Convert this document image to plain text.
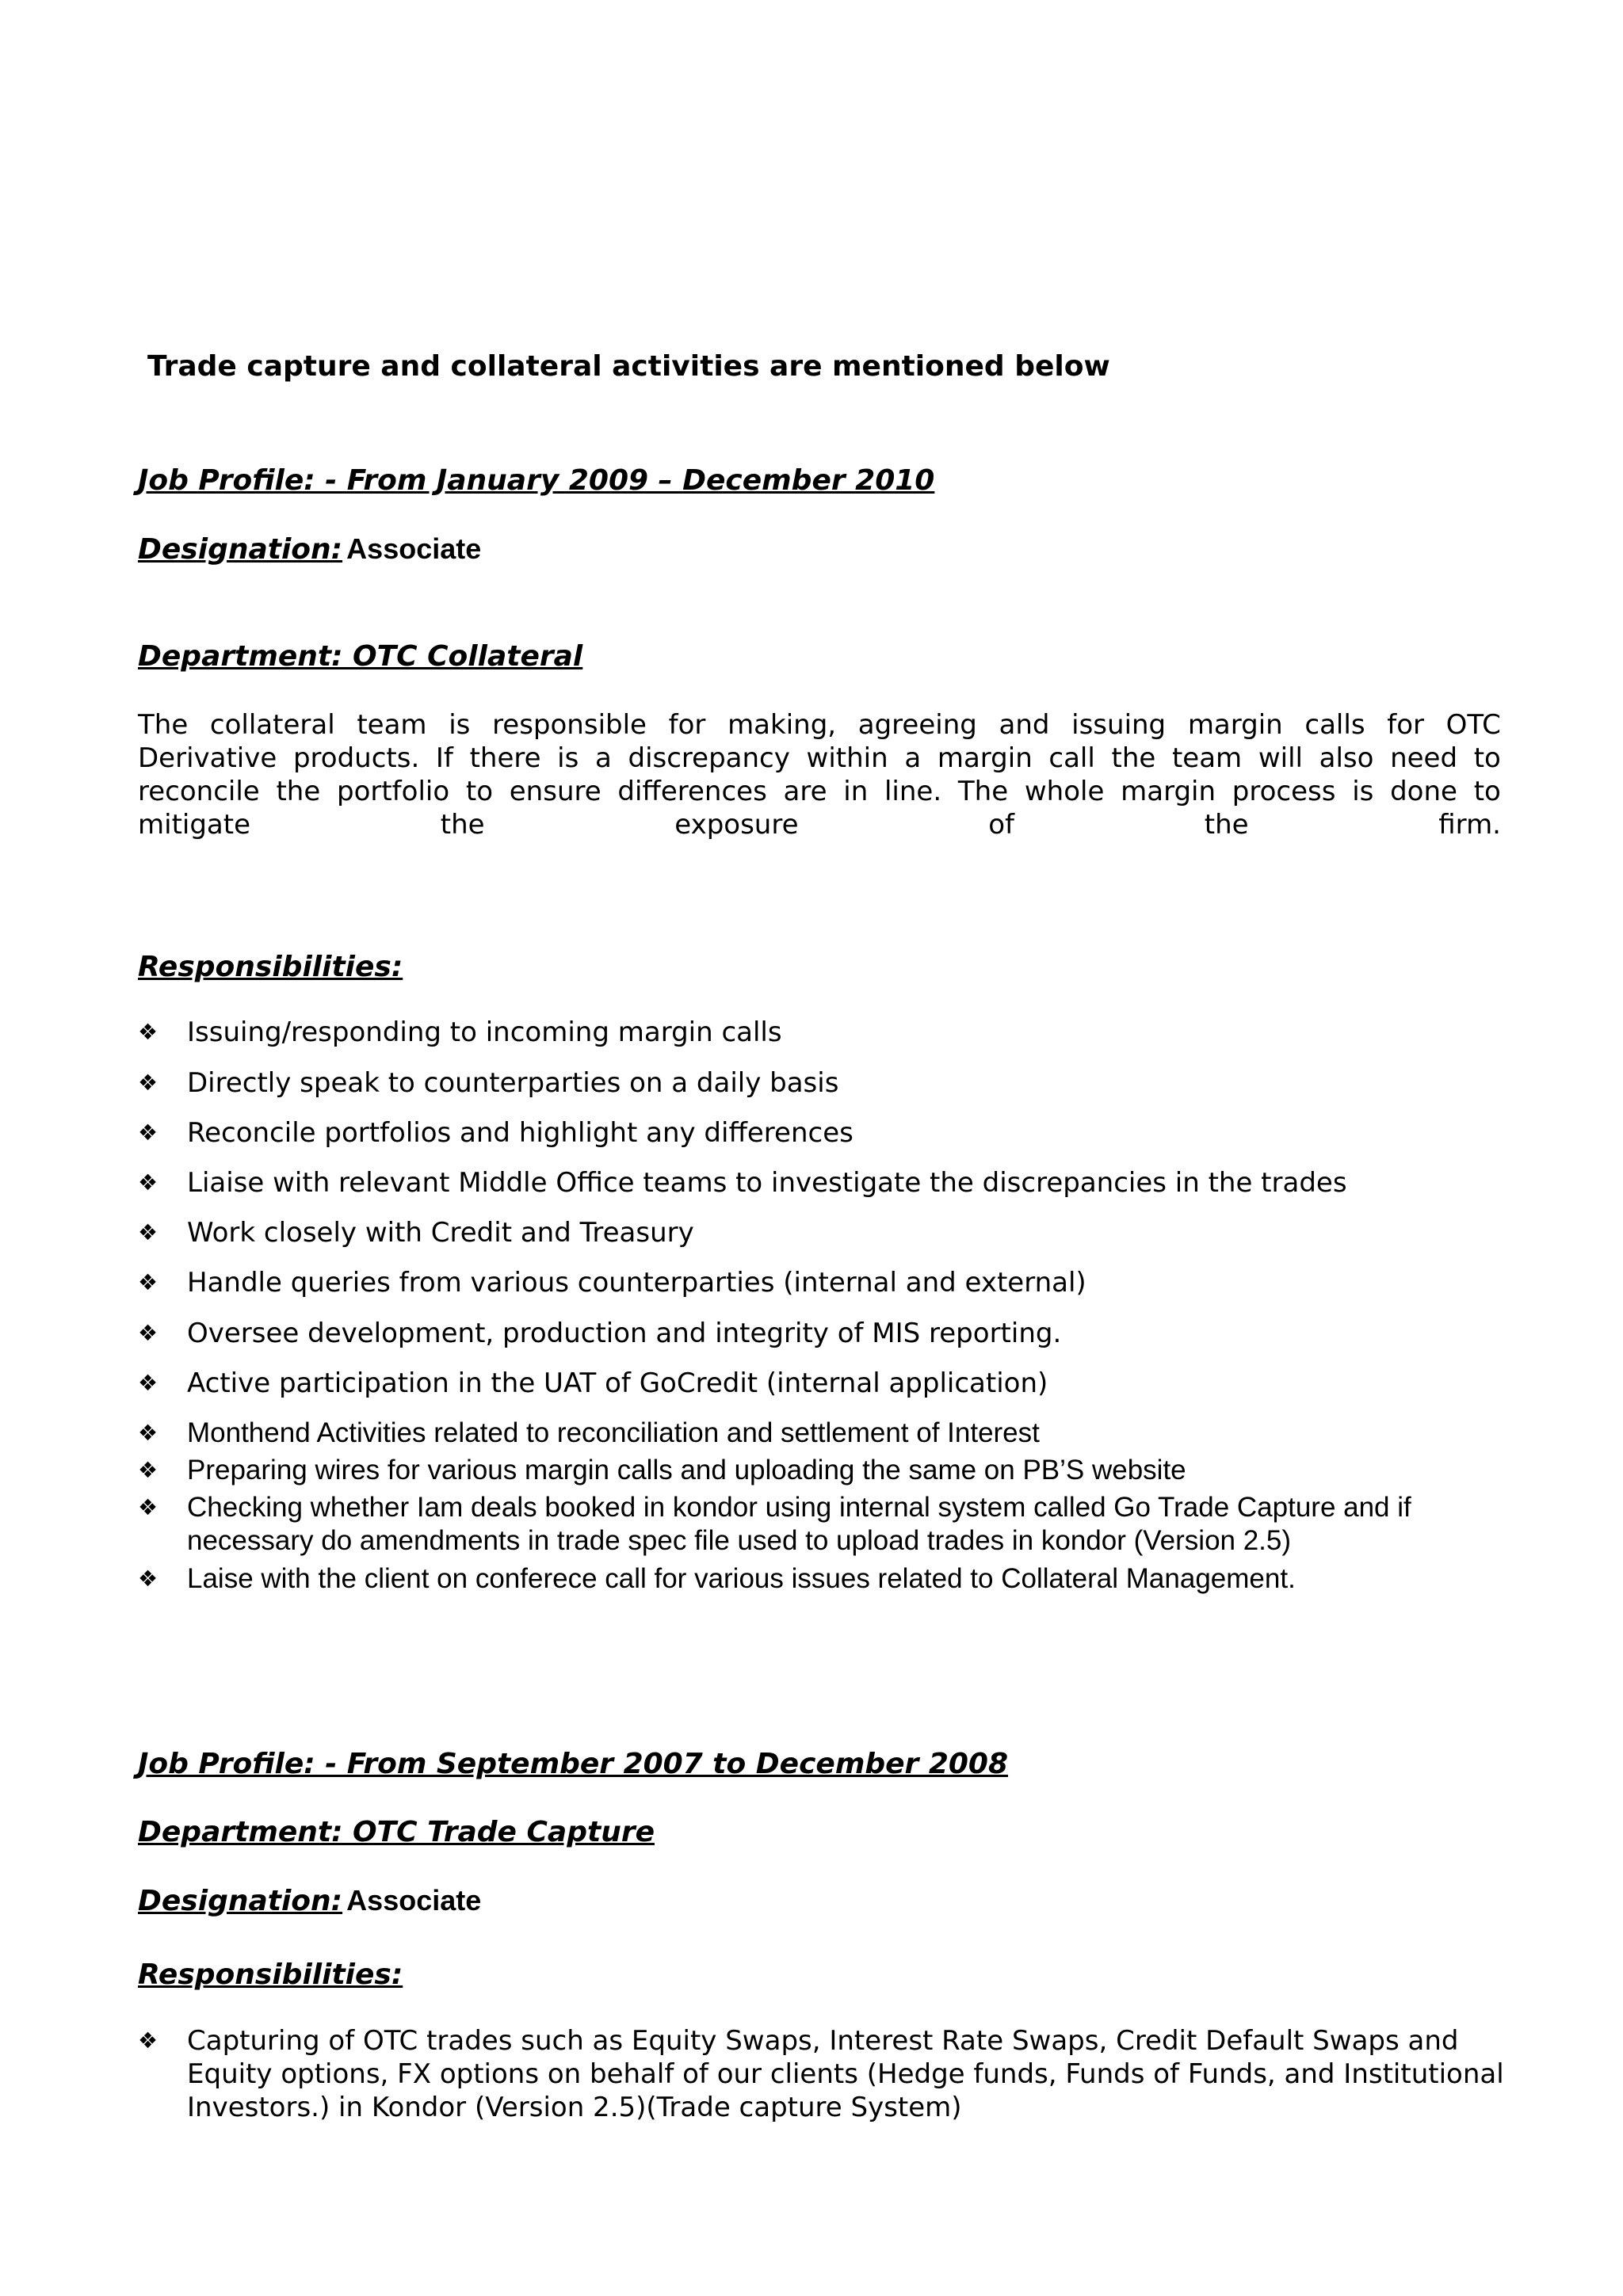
Trade capture and collateral activities are mentioned below
Job Profile: - From January 2009 – December 2010
Designation: Associate
Department: OTC Collateral
The collateral team is responsible for making, agreeing and issuing margin calls for OTC
Derivative products. If there is a discrepancy within a margin call the team will also need to
reconcile the portfolio to ensure differences are in line. The whole margin process is done to
mitigate	the	exposure	of	the	firm.
Responsibilities:
❖ Issuing/responding to incoming margin calls
❖ Directly speak to counterparties on a daily basis
❖ Reconcile portfolios and highlight any differences
❖ Liaise with relevant Middle Office teams to investigate the discrepancies in the trades
❖ Work closely with Credit and Treasury
❖ Handle queries from various counterparties (internal and external)
❖ Oversee development, production and integrity of MIS reporting.
❖ Active participation in the UAT of GoCredit (internal application)
❖ Monthend Activities related to reconciliation and settlement of Interest
❖ Preparing wires for various margin calls and uploading the same on PB’S website
❖ Checking whether Iam deals booked in kondor using internal system called Go Trade Capture and if necessary do amendments in trade spec file used to upload trades in kondor (Version 2.5)
❖ Laise with the client on conferece call for various issues related to Collateral Management.
Job Profile: - From September 2007 to December 2008
Department: OTC Trade Capture
Designation: Associate
Responsibilities:
❖ Capturing of OTC trades such as Equity Swaps, Interest Rate Swaps, Credit Default Swaps and Equity options, FX options on behalf of our clients (Hedge funds, Funds of Funds, and Institutional Investors.) in Kondor (Version 2.5)(Trade capture System)
